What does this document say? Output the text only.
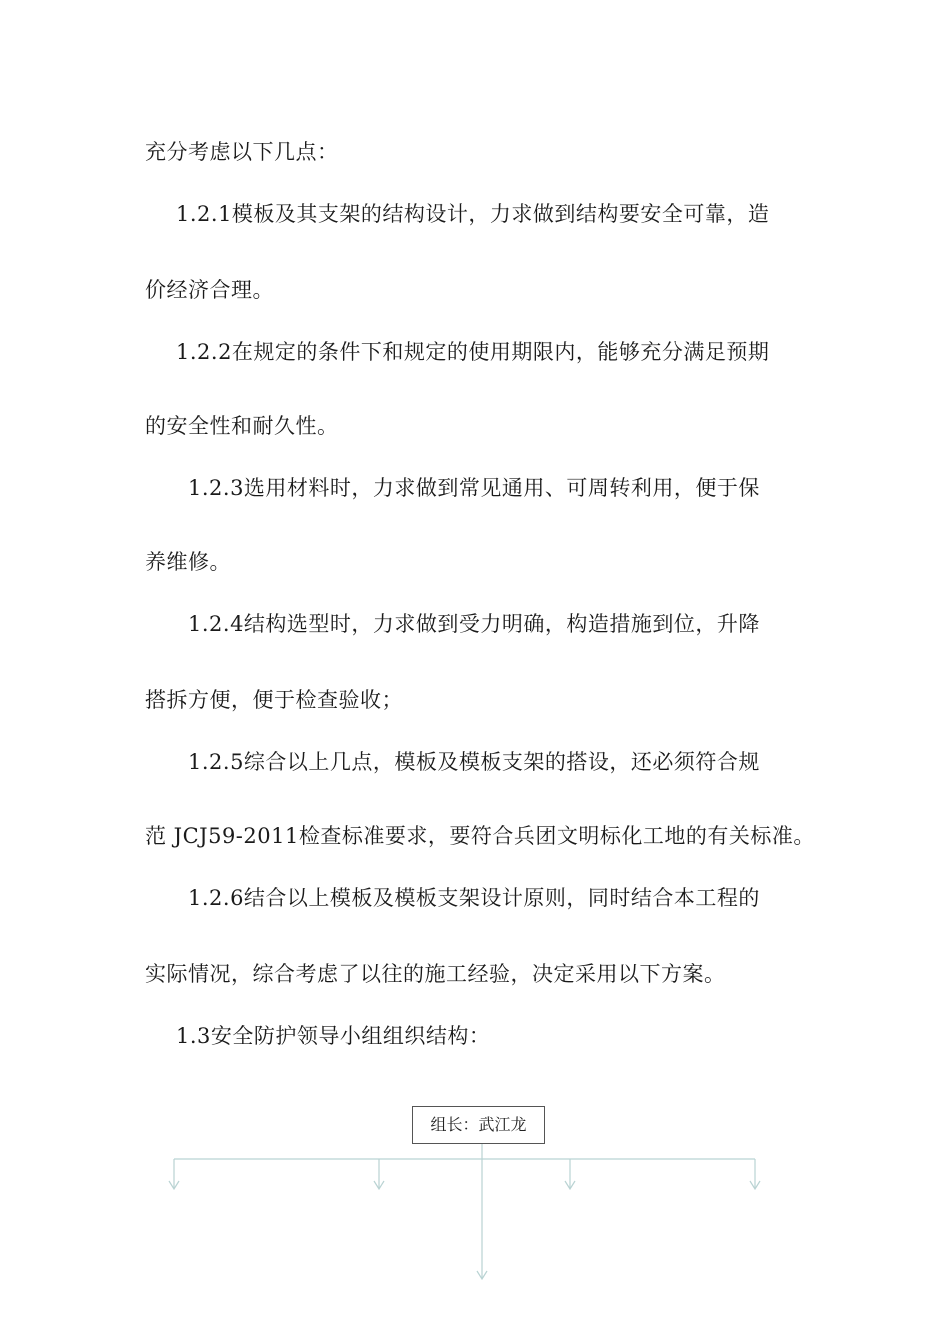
充分考虑以下几点：
1.2.1模板及其支架的结构设计，力求做到结构要安全可靠，造
价经济合理。
1.2.2在规定的条件下和规定的使用期限内，能够充分满足预期
的安全性和耐久性。
1.2.3选用材料时，力求做到常见通用、可周转利用，便于保
养维修。
1.2.4结构选型时，力求做到受力明确，构造措施到位，升降
搭拆方便，便于检查验收；
1.2.5综合以上几点，模板及模板支架的搭设，还必须符合规
范 JCJ59-2011检查标准要求，要符合兵团文明标化工地的有关标准。
1.2.6结合以上模板及模板支架设计原则，同时结合本工程的
实际情况，综合考虑了以往的施工经验，决定采用以下方案。
1.3安全防护领导小组组织结构：
组长：武江龙
